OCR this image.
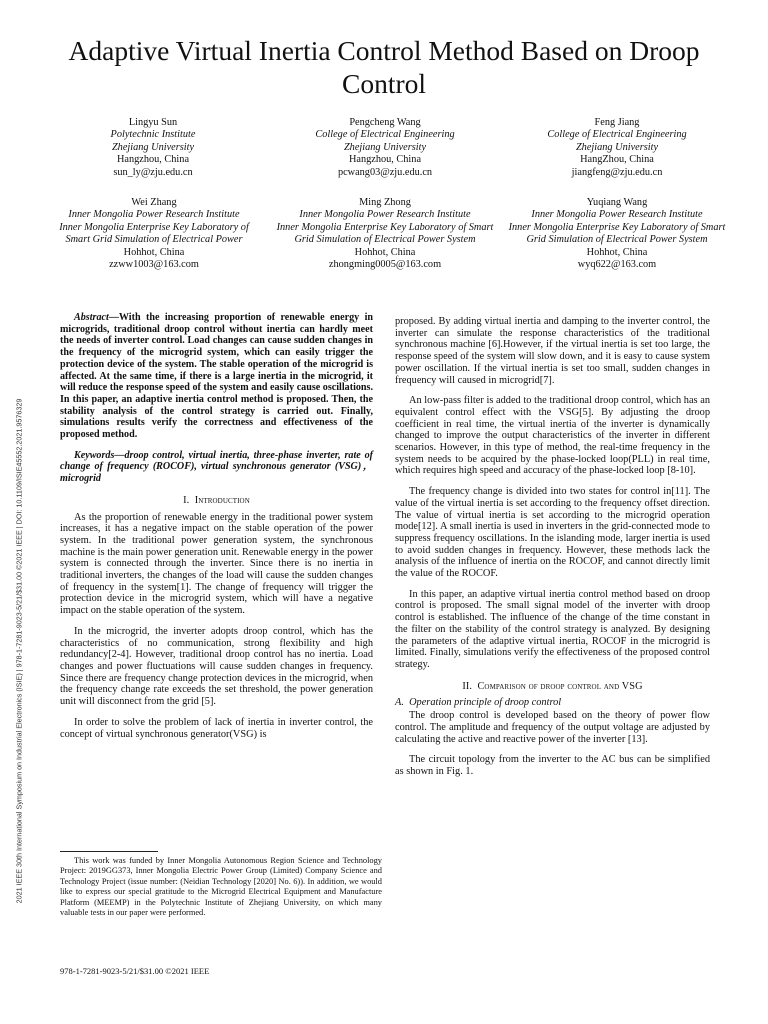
2021 IEEE 30th International Symposium on Industrial Electronics (ISIE) | 978-1-7281-9023-5/21/$31.00 ©2021 IEEE | DOI: 10.1109/ISIE45552.2021.9576329
Adaptive Virtual Inertia Control Method Based on Droop Control
Lingyu Sun
Polytechnic Institute
Zhejiang University
Hangzhou, China
sun_ly@zju.edu.cn
Pengcheng Wang
College of Electrical Engineering
Zhejiang University
Hangzhou, China
pcwang03@zju.edu.cn
Feng Jiang
College of Electrical Engineering
Zhejiang University
HangZhou, China
jiangfeng@zju.edu.cn
Wei Zhang
Inner Mongolia Power Research Institute
Inner Mongolia Enterprise Key Laboratory of Smart Grid Simulation of Electrical Power
Hohhot, China
zzww1003@163.com
Ming Zhong
Inner Mongolia Power Research Institute
Inner Mongolia Enterprise Key Laboratory of Smart Grid Simulation of Electrical Power System
Hohhot, China
zhongming0005@163.com
Yuqiang Wang
Inner Mongolia Power Research Institute
Inner Mongolia Enterprise Key Laboratory of Smart Grid Simulation of Electrical Power System
Hohhot, China
wyq622@163.com

Abstract—With the increasing proportion of renewable energy in microgrids, traditional droop control without inertia can hardly meet the needs of inverter control. Load changes can cause sudden changes in the frequency of the microgrid system, which can easily trigger the protection device of the system. The stable operation of the microgrid is affected. At the same time, if there is a large inertia in the microgrid, it will reduce the response speed of the system and easily cause oscillations. In this paper, an adaptive inertia control method is proposed. Then, the stability analysis of the control strategy is carried out. Finally, simulations results verify the correctness and effectiveness of the proposed method.

Keywords—droop control, virtual inertia, three-phase inverter, rate of change of frequency (ROCOF), virtual synchronous generator (VSG)， microgrid

I. Introduction

As the proportion of renewable energy in the traditional power system increases, it has a negative impact on the stable operation of the power system. In the traditional power generation system, the synchronous machine is the main power generation unit. Renewable energy in the power system is connected through the inverter. Since there is no inertia in traditional inverters, the changes of the load will cause the sudden changes of frequency in the system[1]. The change of frequency will trigger the protection device in the microgrid system, which will have a negative impact on the stable operation of the system.

In the microgrid, the inverter adopts droop control, which has the characteristics of no communication, strong flexibility and high redundancy[2-4]. However, traditional droop control has no inertia. Load changes and power fluctuations will cause sudden changes in frequency. Since there are frequency change protection devices in the microgrid, when the frequency change rate exceeds the set threshold, the power generation unit will disconnect from the grid [5].

In order to solve the problem of lack of inertia in inverter control, the concept of virtual synchronous generator(VSG) is

proposed. By adding virtual inertia and damping to the inverter control, the inverter can simulate the response characteristics of the traditional synchronous machine [6].However, if the virtual inertia is set too large, the response speed of the system will slow down, and it is easy to cause system power oscillation. If the virtual inertia is set too small, sudden changes in frequency will caused in microgrid[7].

An low-pass filter is added to the traditional droop control, which has an equivalent control effect with the VSG[5]. By adjusting the droop coefficient in real time, the virtual inertia of the inverter is dynamically changed to improve the output characteristics of the inverter in different scenarios. However, in this type of method, the real-time frequency in the system needs to be acquired by the phase-locked loop(PLL) in real time, which requires high speed and accuracy of the phase-locked loop [8-10].

The frequency change is divided into two states for control in[11]. The value of the virtual inertia is set according to the frequency offset direction. The value of virtual inertia is set according to the microgrid operation mode[12]. A small inertia is used in inverters in the grid-connected mode to suppress frequency oscillations. In the islanding mode, larger inertia is used to avoid sudden changes in frequency. However, these methods lack the analysis of the influence of inertia on the ROCOF, and cannot directly limit the value of the ROCOF.

In this paper, an adaptive virtual inertia control method based on droop control is proposed. The small signal model of the inverter with droop control is established. The influence of the change of the time constant in the filter on the stability of the control strategy is analyzed. By designing the parameters of the adaptive virtual inertia, ROCOF in the microgrid is limited. Finally, simulations verify the effectiveness of the proposed control strategy.

II. Comparison of droop control and VSG

A. Operation principle of droop control

The droop control is developed based on the theory of power flow control. The amplitude and frequency of the output voltage are adjusted by calculating the active and reactive power of the inverter [13].

The circuit topology from the inverter to the AC bus can be simplified as shown in Fig. 1.

This work was funded by Inner Mongolia Autonomous Region Science and Technology Project: 2019GG373, Inner Mongolia Electric Power Group (Limited) Company Science and Technology Project (issue number: (Neidian Technology [2020] No. 6)). In addition, we would like to express our special gratitude to the Microgrid Electrical Equipment and Manufacture Platform (MEEMP) in the Polytechnic Institute of Zhejiang University, on which many valuable tests in our paper were performed.
978-1-7281-9023-5/21/$31.00 ©2021 IEEE
